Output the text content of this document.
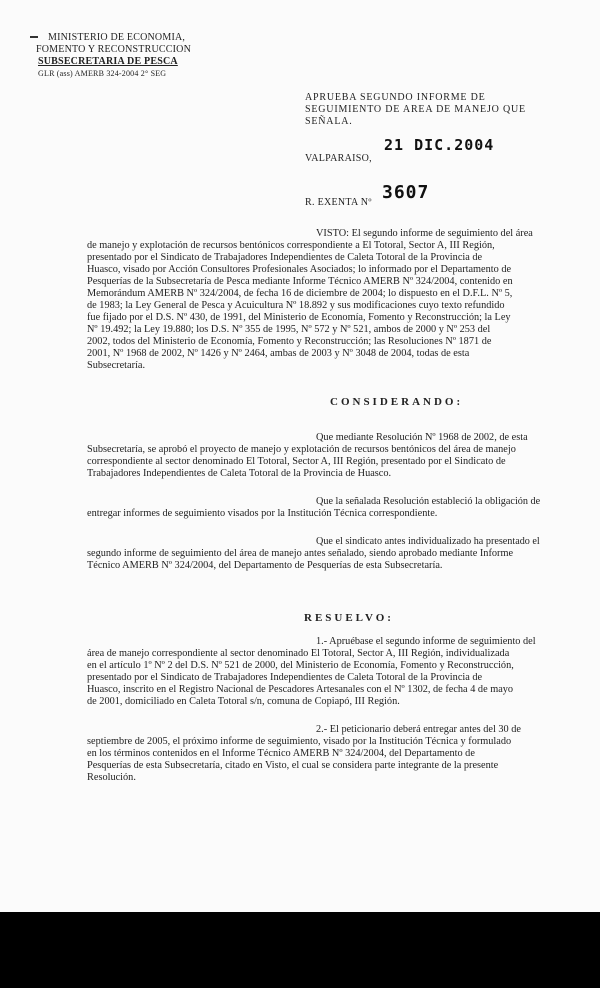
MINISTERIO DE ECONOMIA,
FOMENTO Y RECONSTRUCCION
SUBSECRETARIA DE PESCA
GLR (ass) AMERB 324-2004 2° SEG
APRUEBA SEGUNDO INFORME DE
SEGUIMIENTO DE AREA DE MANEJO QUE
SEÑALA.
VALPARAISO,
21 DIC.2004
R. EXENTA Nº 3607
VISTO: El segundo informe de seguimiento del área
de manejo y explotación de recursos bentónicos correspondiente a El Totoral, Sector A, III Región,
presentado por el Sindicato de Trabajadores Independientes de Caleta Totoral de la Provincia de
Huasco, visado por Acción Consultores Profesionales Asociados; lo informado por el Departamento de
Pesquerías de la Subsecretaría de Pesca mediante Informe Técnico AMERB Nº 324/2004, contenido en
Memorándum AMERB Nº 324/2004, de fecha 16 de diciembre de 2004; lo dispuesto en el D.F.L. Nº 5,
de 1983; la Ley General de Pesca y Acuicultura Nº 18.892 y sus modificaciones cuyo texto refundido
fue fijado por el D.S. Nº 430, de 1991, del Ministerio de Economía, Fomento y Reconstrucción; la Ley
Nº 19.492; la Ley 19.880; los D.S. Nº 355 de 1995, Nº 572 y Nº 521, ambos de 2000 y Nº 253 del
2002, todos del Ministerio de Economía, Fomento y Reconstrucción; las Resoluciones Nº 1871 de
2001, Nº 1968 de 2002, Nº 1426 y Nº 2464, ambas de 2003 y Nº 3048 de 2004, todas de esta
Subsecretaría.
CONSIDERANDO:
Que mediante Resolución Nº 1968 de 2002, de esta
Subsecretaría, se aprobó el proyecto de manejo y explotación de recursos bentónicos del área de manejo
correspondiente al sector denominado El Totoral, Sector A, III Región, presentado por el Sindicato de
Trabajadores Independientes de Caleta Totoral de la Provincia de Huasco.
Que la señalada Resolución estableció la obligación de
entregar informes de seguimiento visados por la Institución Técnica correspondiente.
Que el sindicato antes individualizado ha presentado el
segundo informe de seguimiento del área de manejo antes señalado, siendo aprobado mediante Informe
Técnico AMERB Nº 324/2004, del Departamento de Pesquerías de esta Subsecretaría.
RESUELVO:
1.- Apruébase el segundo informe de seguimiento del
área de manejo correspondiente al sector denominado El Totoral, Sector A, III Región, individualizada
en el artículo 1º Nº 2 del D.S. Nº 521 de 2000, del Ministerio de Economía, Fomento y Reconstrucción,
presentado por el Sindicato de Trabajadores Independientes de Caleta Totoral de la Provincia de
Huasco, inscrito en el Registro Nacional de Pescadores Artesanales con el Nº 1302, de fecha 4 de mayo
de 2001, domiciliado en Caleta Totoral s/n, comuna de Copiapó, III Región.
2.- El peticionario deberá entregar antes del 30 de
septiembre de 2005, el próximo informe de seguimiento, visado por la Institución Técnica y formulado
en los términos contenidos en el Informe Técnico AMERB Nº 324/2004, del Departamento de
Pesquerías de esta Subsecretaría, citado en Visto, el cual se considera parte integrante de la presente
Resolución.
